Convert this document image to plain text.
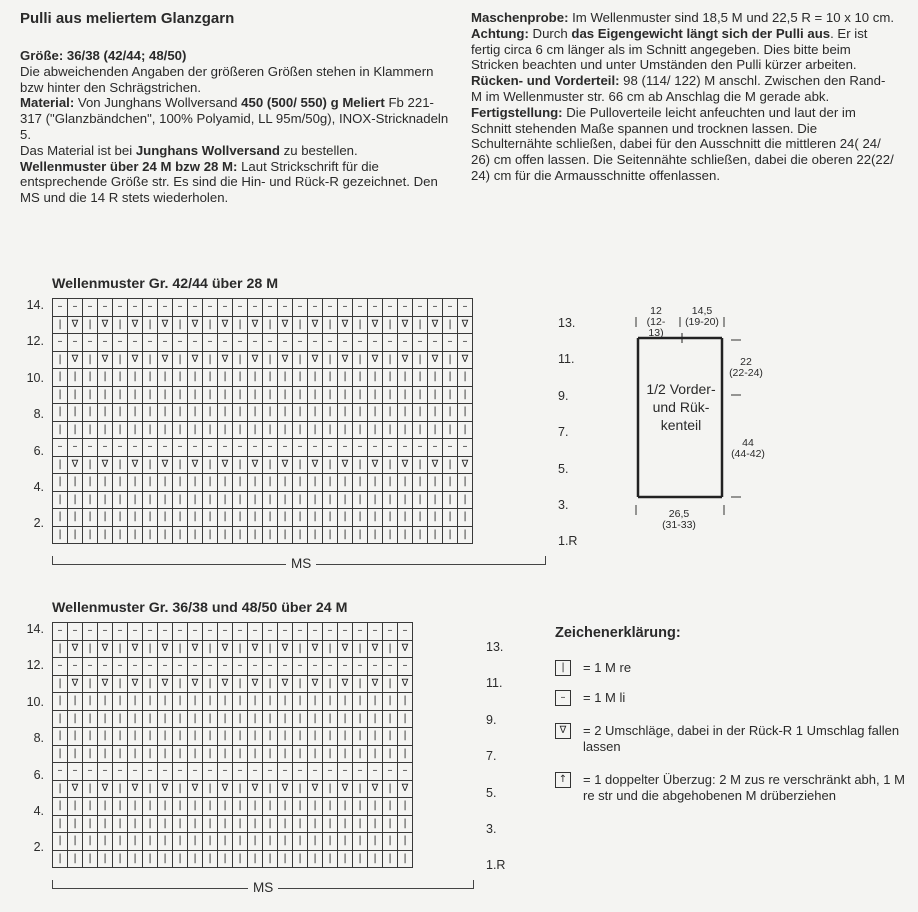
Pulli aus meliertem Glanzgarn

Größe: 36/38 (42/44; 48/50)

Die abweichenden Angaben der größeren Größen stehen in Klammern bzw hinter den Schrägstrichen.

Material: Von Junghans Wollversand 450 (500/ 550) g Meliert Fb 221-317 ("Glanzbändchen", 100% Polyamid, LL 95m/50g), INOX-Stricknadeln 5.

Das Material ist bei Junghans Wollversand zu bestellen.

Wellenmuster über 24 M bzw 28 M: Laut Strickschrift für die entsprechende Größe str. Es sind die Hin- und Rück-R gezeichnet. Den MS und die 14 R stets wiederholen.

Maschenprobe: Im Wellenmuster sind 18,5 M und 22,5 R = 10 x 10 cm.

Achtung: Durch das Eigengewicht längt sich der Pulli aus. Er ist fertig circa 6 cm länger als im Schnitt angegeben. Dies bitte beim Stricken beachten und unter Umständen den Pulli kürzer arbeiten.

Rücken- und Vorderteil: 98 (114/ 122) M anschl. Zwischen den Rand-M im Wellenmuster str. 66 cm ab Anschlag die M gerade abk.

Fertigstellung: Die Pulloverteile leicht anfeuchten und laut der im Schnitt stehenden Maße spannen und trocknen lassen. Die Schulternähte schließen, dabei für den Ausschnitt die mittleren 24( 24/ 26) cm offen lassen. Die Seitennähte schließen, dabei die oberen 22(22/ 24) cm für die Armausschnitte offenlassen.

Wellenmuster Gr. 42/44 über 28 M
–	–	–	–	–	–	–	–	–	–	–	–	–	–	–	–	–	–	–	–	–	–	–	–	–	–	–	–
|	∇	|	∇	|	∇	|	∇	|	∇	|	∇	|	∇	|	∇	|	∇	|	∇	|	∇	|	∇	|	∇	|	∇
–	–	–	–	–	–	–	–	–	–	–	–	–	–	–	–	–	–	–	–	–	–	–	–	–	–	–	–
|	∇	|	∇	|	∇	|	∇	|	∇	|	∇	|	∇	|	∇	|	∇	|	∇	|	∇	|	∇	|	∇	|	∇
|	|	|	|	|	|	|	|	|	|	|	|	|	|	|	|	|	|	|	|	|	|	|	|	|	|	|	|
|	|	|	|	|	|	|	|	|	|	|	|	|	|	|	|	|	|	|	|	|	|	|	|	|	|	|	|
|	|	|	|	|	|	|	|	|	|	|	|	|	|	|	|	|	|	|	|	|	|	|	|	|	|	|	|
|	|	|	|	|	|	|	|	|	|	|	|	|	|	|	|	|	|	|	|	|	|	|	|	|	|	|	|
–	–	–	–	–	–	–	–	–	–	–	–	–	–	–	–	–	–	–	–	–	–	–	–	–	–	–	–
|	∇	|	∇	|	∇	|	∇	|	∇	|	∇	|	∇	|	∇	|	∇	|	∇	|	∇	|	∇	|	∇	|	∇
|	|	|	|	|	|	|	|	|	|	|	|	|	|	|	|	|	|	|	|	|	|	|	|	|	|	|	|
|	|	|	|	|	|	|	|	|	|	|	|	|	|	|	|	|	|	|	|	|	|	|	|	|	|	|	|
|	|	|	|	|	|	|	|	|	|	|	|	|	|	|	|	|	|	|	|	|	|	|	|	|	|	|	|
|	|	|	|	|	|	|	|	|	|	|	|	|	|	|	|	|	|	|	|	|	|	|	|	|	|	|	|
14.
12.
10.
8.
6.
4.
2.
13.
11.
9.
7.
5.
3.
1.R
MS
Wellenmuster Gr. 36/38 und 48/50 über 24 M
–	–	–	–	–	–	–	–	–	–	–	–	–	–	–	–	–	–	–	–	–	–	–	–
|	∇	|	∇	|	∇	|	∇	|	∇	|	∇	|	∇	|	∇	|	∇	|	∇	|	∇	|	∇
–	–	–	–	–	–	–	–	–	–	–	–	–	–	–	–	–	–	–	–	–	–	–	–
|	∇	|	∇	|	∇	|	∇	|	∇	|	∇	|	∇	|	∇	|	∇	|	∇	|	∇	|	∇
|	|	|	|	|	|	|	|	|	|	|	|	|	|	|	|	|	|	|	|	|	|	|	|
|	|	|	|	|	|	|	|	|	|	|	|	|	|	|	|	|	|	|	|	|	|	|	|
|	|	|	|	|	|	|	|	|	|	|	|	|	|	|	|	|	|	|	|	|	|	|	|
|	|	|	|	|	|	|	|	|	|	|	|	|	|	|	|	|	|	|	|	|	|	|	|
–	–	–	–	–	–	–	–	–	–	–	–	–	–	–	–	–	–	–	–	–	–	–	–
|	∇	|	∇	|	∇	|	∇	|	∇	|	∇	|	∇	|	∇	|	∇	|	∇	|	∇	|	∇
|	|	|	|	|	|	|	|	|	|	|	|	|	|	|	|	|	|	|	|	|	|	|	|
|	|	|	|	|	|	|	|	|	|	|	|	|	|	|	|	|	|	|	|	|	|	|	|
|	|	|	|	|	|	|	|	|	|	|	|	|	|	|	|	|	|	|	|	|	|	|	|
|	|	|	|	|	|	|	|	|	|	|	|	|	|	|	|	|	|	|	|	|	|	|	|
14.
12.
10.
8.
6.
4.
2.
13.
11.
9.
7.
5.
3.
1.R
MS
12
(12-13)
14,5
(19-20)
22
(22-24)
44
(44-42)
26,5
(31-33)
1/2 Vorder-
und Rük-
kenteil
Zeichenerklärung:
|	= 1 M re
–	= 1 M li
∇	= 2 Umschläge, dabei in der Rück-R 1 Umschlag fallen lassen
↑ = 1 doppelter Überzug: 2 M zus re verschränkt abh, 1 M re str und die abgehobenen M drüberziehen
